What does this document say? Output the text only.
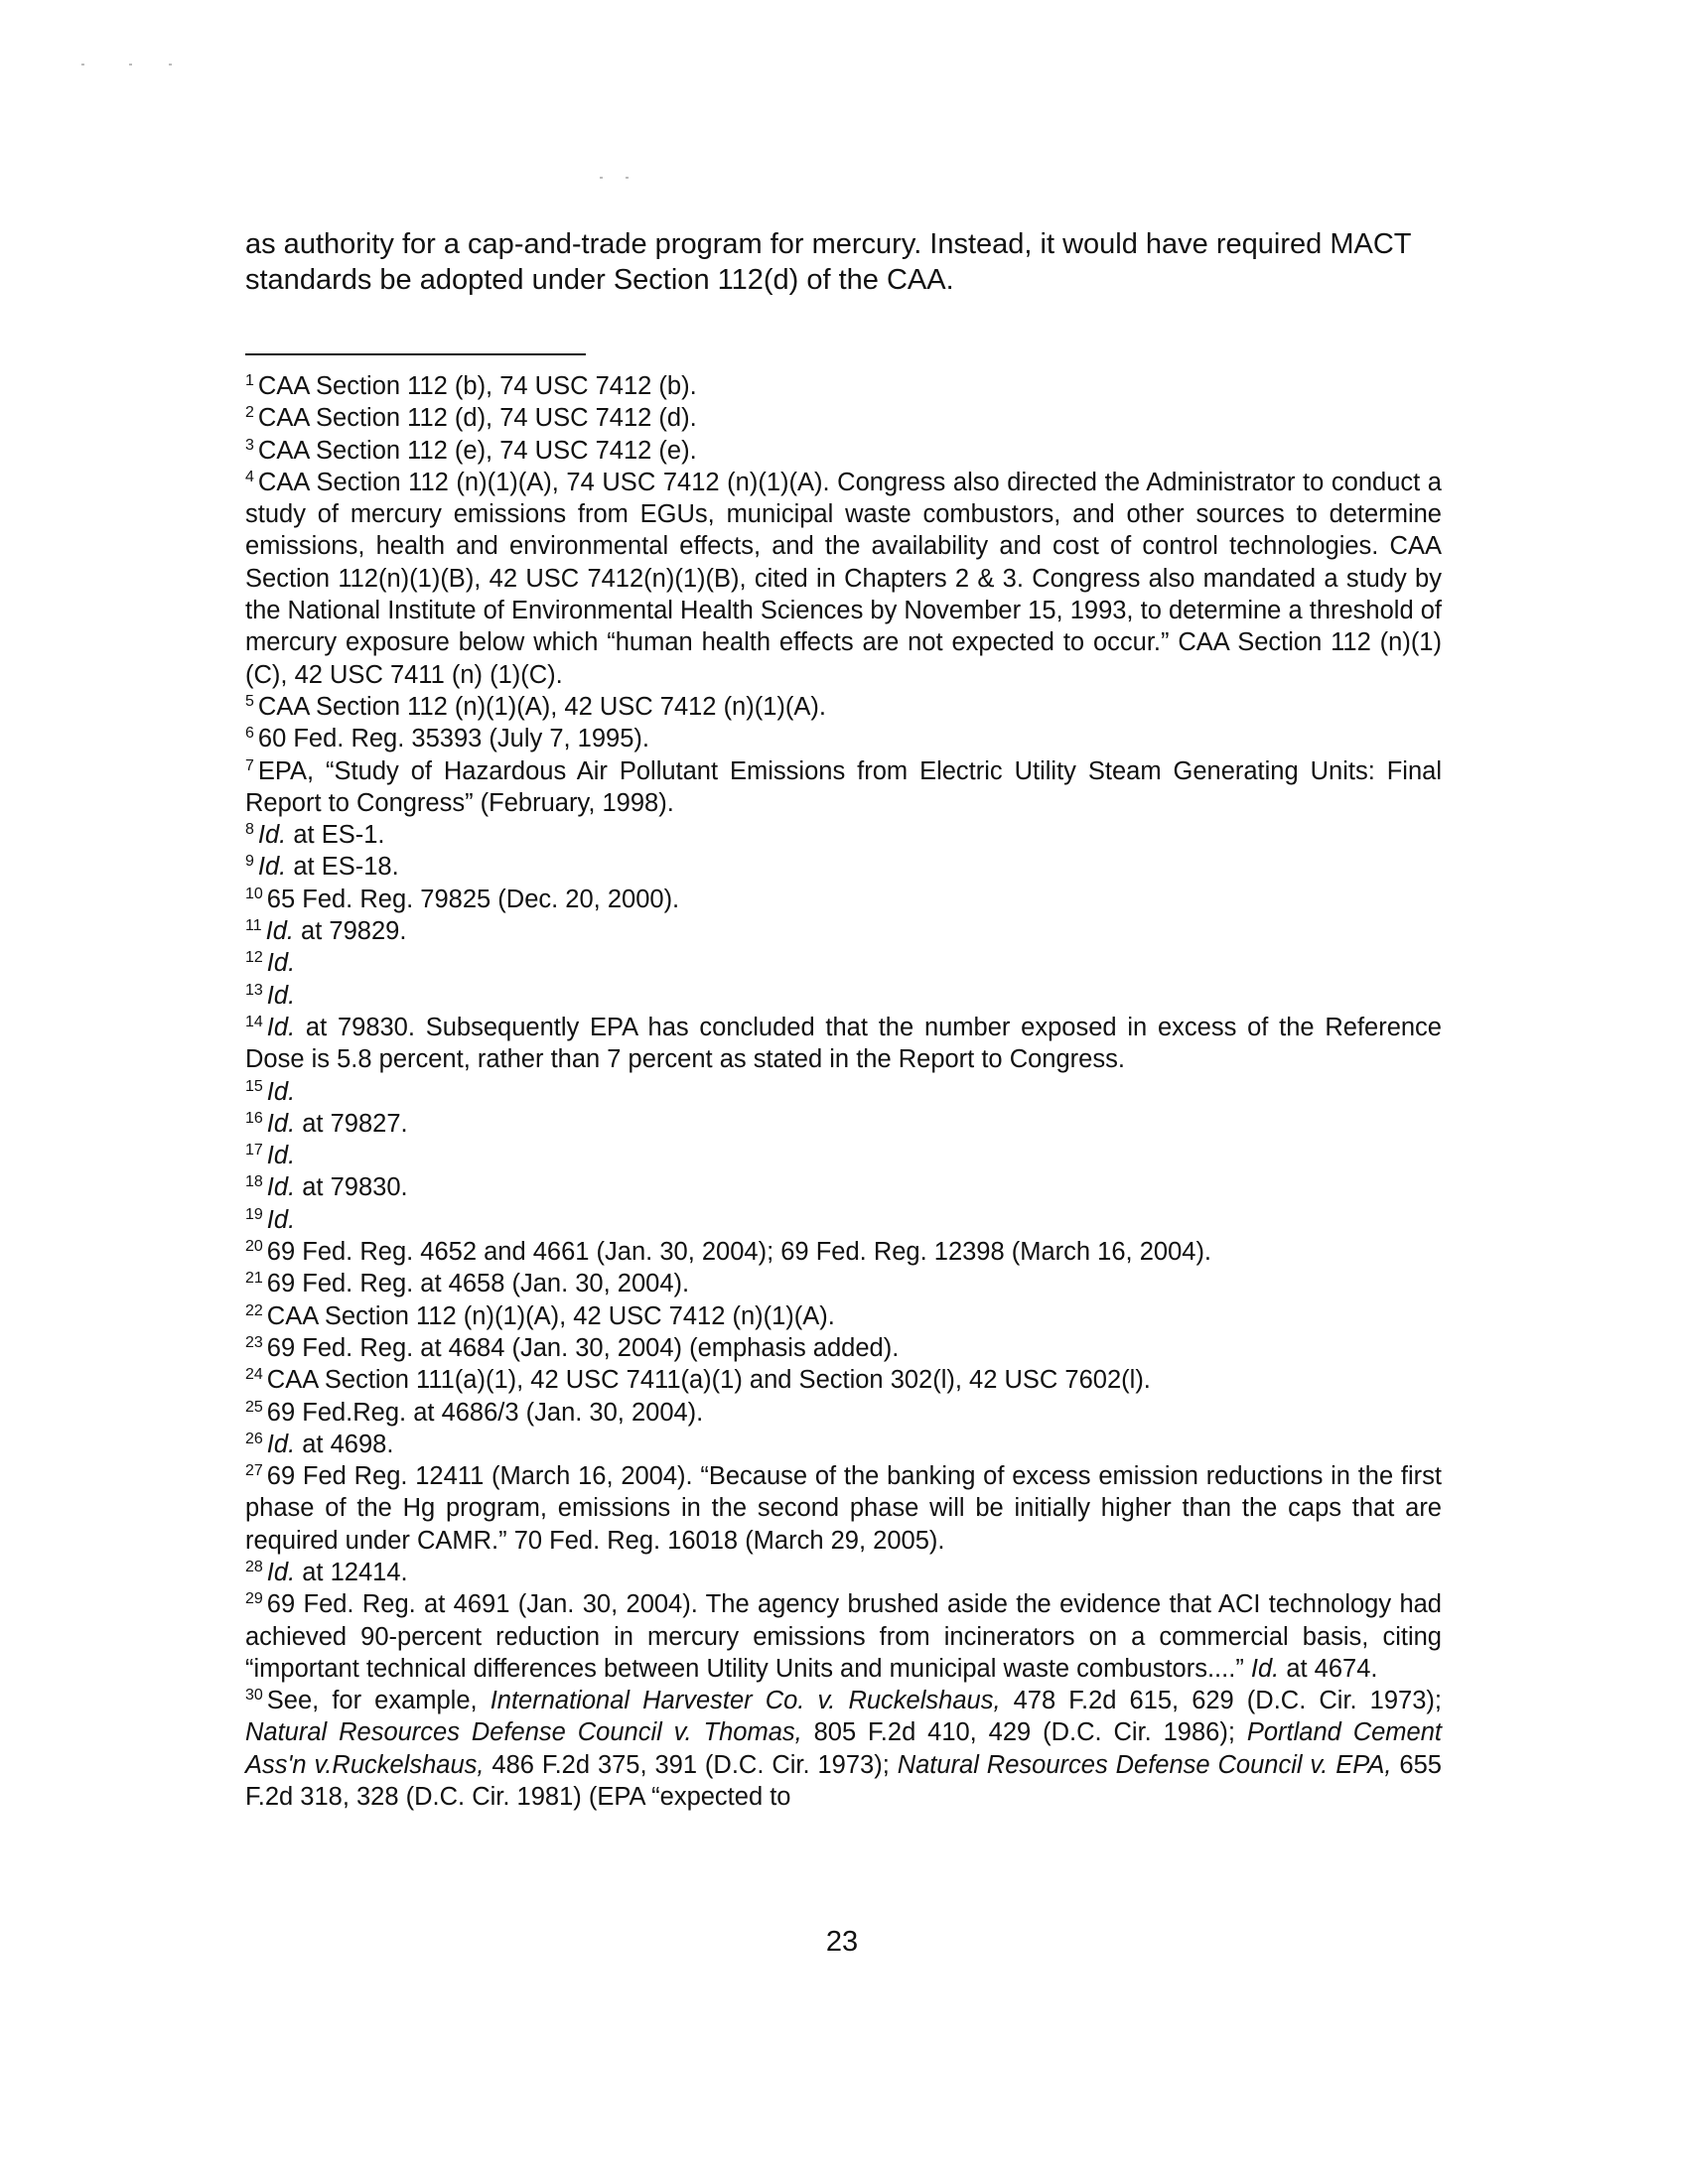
as authority for a cap-and-trade program for mercury. Instead, it would have required MACT standards be adopted under Section 112(d) of the CAA.

$^1$ CAA Section 112 (b), 74 USC 7412 (b).

$^2$ CAA Section 112 (d), 74 USC 7412 (d).

$^3$ CAA Section 112 (e), 74 USC 7412 (e).

$^4$ CAA Section 112 (n)(1)(A), 74 USC 7412 (n)(1)(A). Congress also directed the Administrator to conduct a study of mercury emissions from EGUs, municipal waste combustors, and other sources to determine emissions, health and environmental effects, and the availability and cost of control technologies. CAA Section 112(n)(1)(B), 42 USC 7412(n)(1)(B), cited in Chapters 2 & 3. Congress also mandated a study by the National Institute of Environmental Health Sciences by November 15, 1993, to determine a threshold of mercury exposure below which “human health effects are not expected to occur.” CAA Section 112 (n)(1)(C), 42 USC 7411 (n) (1)(C).

$^5$ CAA Section 112 (n)(1)(A), 42 USC 7412 (n)(1)(A).

$^6$ 60 Fed. Reg. 35393 (July 7, 1995).

$^7$ EPA, “Study of Hazardous Air Pollutant Emissions from Electric Utility Steam Generating Units: Final Report to Congress” (February, 1998).

$^8$ Id. at ES-1.

$^9$ Id. at ES-18.

$^{10}$ 65 Fed. Reg. 79825 (Dec. 20, 2000).

$^{11}$ Id. at 79829.

$^{12}$ Id.

$^{13}$ Id.

$^{14}$ Id. at 79830. Subsequently EPA has concluded that the number exposed in excess of the Reference Dose is 5.8 percent, rather than 7 percent as stated in the Report to Congress.

$^{15}$ Id.

$^{16}$ Id. at 79827.

$^{17}$ Id.

$^{18}$ Id. at 79830.

$^{19}$ Id.

$^{20}$ 69 Fed. Reg. 4652 and 4661 (Jan. 30, 2004); 69 Fed. Reg. 12398 (March 16, 2004).

$^{21}$ 69 Fed. Reg. at 4658 (Jan. 30, 2004).

$^{22}$ CAA Section 112 (n)(1)(A), 42 USC 7412 (n)(1)(A).

$^{23}$ 69 Fed. Reg. at 4684 (Jan. 30, 2004) (emphasis added).

$^{24}$ CAA Section 111(a)(1), 42 USC 7411(a)(1) and Section 302(l), 42 USC 7602(l).

$^{25}$ 69 Fed.Reg. at 4686/3 (Jan. 30, 2004).

$^{26}$ Id. at 4698.

$^{27}$ 69 Fed Reg. 12411 (March 16, 2004). “Because of the banking of excess emission reductions in the first phase of the Hg program, emissions in the second phase will be initially higher than the caps that are required under CAMR.” 70 Fed. Reg. 16018 (March 29, 2005).

$^{28}$ Id. at 12414.

$^{29}$ 69 Fed. Reg. at 4691 (Jan. 30, 2004). The agency brushed aside the evidence that ACI technology had achieved 90-percent reduction in mercury emissions from incinerators on a commercial basis, citing “important technical differences between Utility Units and municipal waste combustors....” Id. at 4674.

$^{30}$ See, for example, International Harvester Co. v. Ruckelshaus, 478 F.2d 615, 629 (D.C. Cir. 1973); Natural Resources Defense Council v. Thomas, 805 F.2d 410, 429 (D.C. Cir. 1986); Portland Cement Ass'n v.Ruckelshaus, 486 F.2d 375, 391 (D.C. Cir. 1973); Natural Resources Defense Council v. EPA, 655 F.2d 318, 328 (D.C. Cir. 1981) (EPA “expected to

23
